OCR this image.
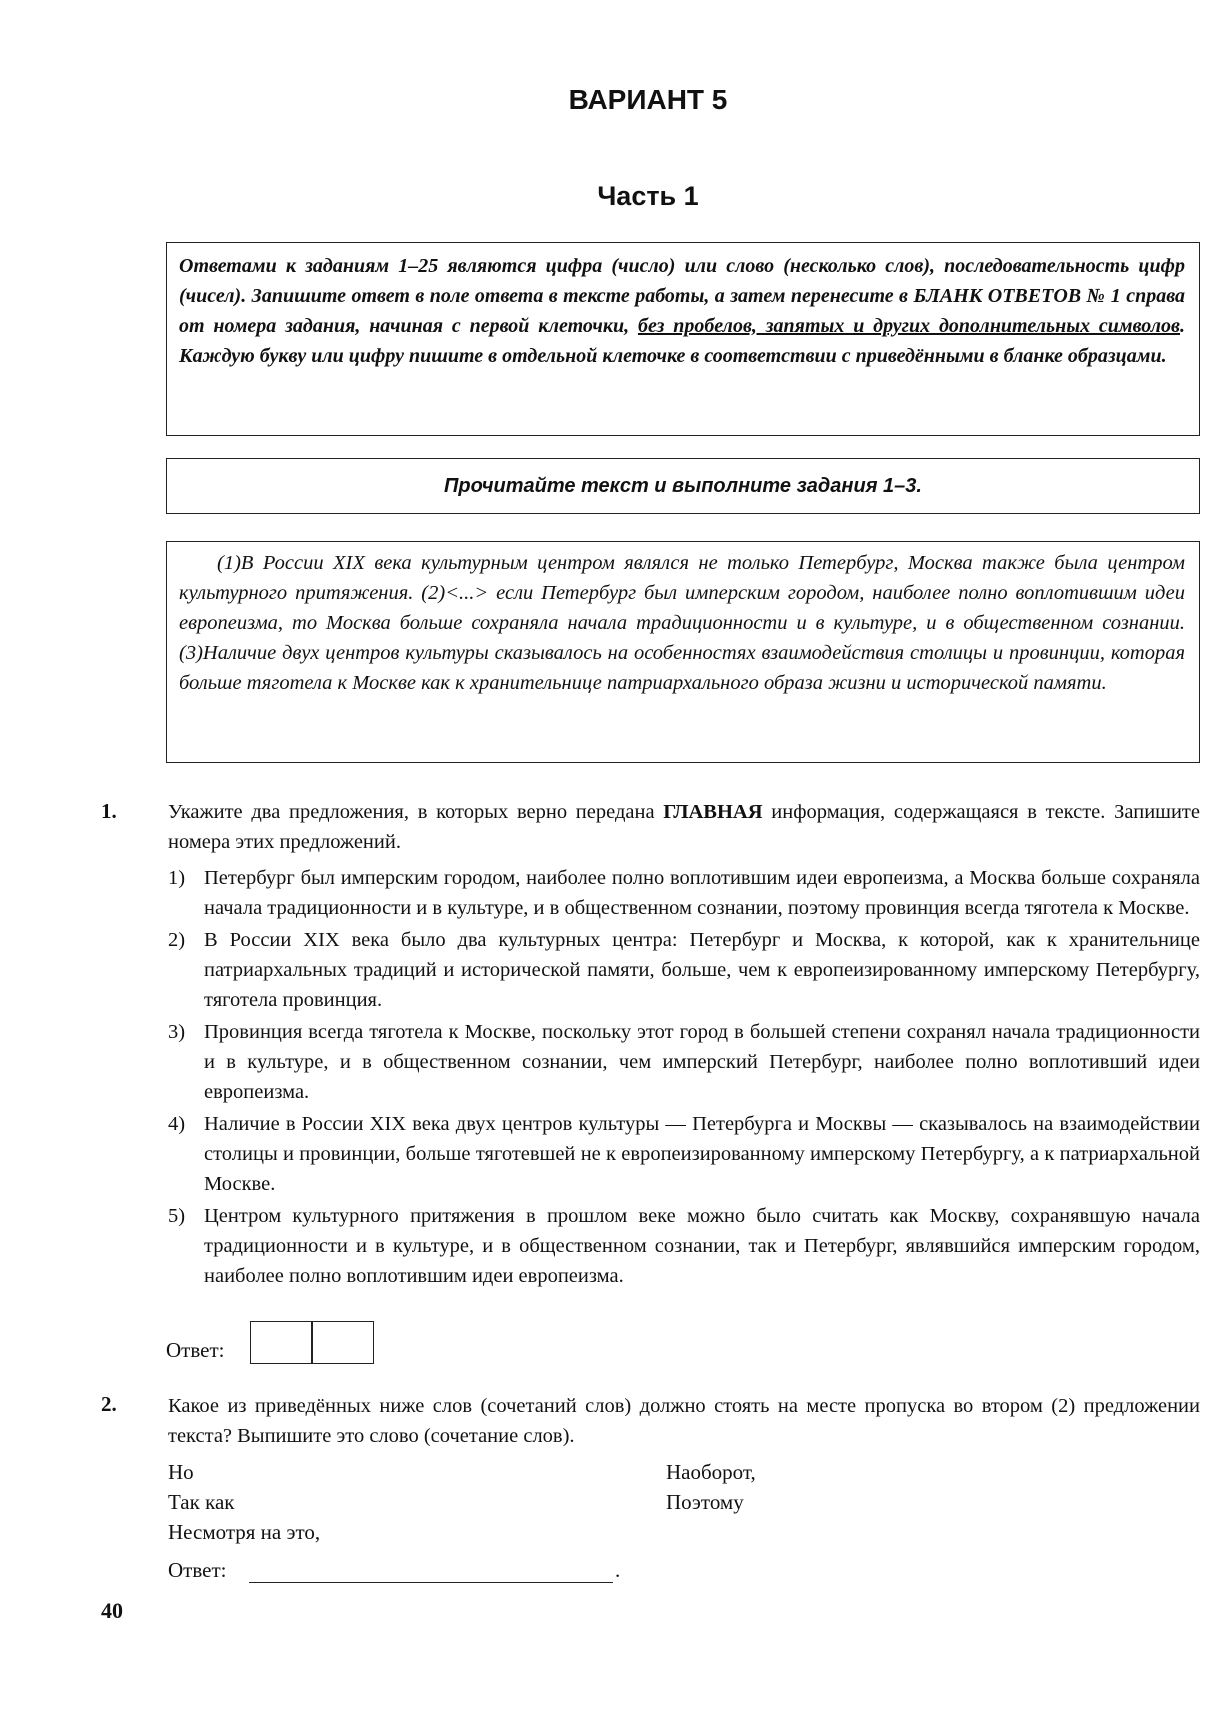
ВАРИАНТ 5
Часть 1
Ответами к заданиям 1–25 являются цифра (число) или слово (несколько слов), последовательность цифр (чисел). Запишите ответ в поле ответа в тексте работы, а затем перенесите в БЛАНК ОТВЕТОВ № 1 справа от номера задания, начиная с первой клеточки, без пробелов, запятых и других дополнительных символов. Каждую букву или цифру пишите в отдельной клеточке в соответствии с приведёнными в бланке образцами.
Прочитайте текст и выполните задания 1–3.
(1)В России XIX века культурным центром являлся не только Петербург, Москва также была центром культурного притяжения. (2)<...> если Петербург был имперским городом, наиболее полно воплотившим идеи европеизма, то Москва больше сохраняла начала традиционности и в культуре, и в общественном сознании. (3)Наличие двух центров культуры сказывалось на особенностях взаимодействия столицы и провинции, которая больше тяготела к Москве как к хранительнице патриархального образа жизни и исторической памяти.
1.	Укажите два предложения, в которых верно передана ГЛАВНАЯ информация, содержащаяся в тексте. Запишите номера этих предложений.
1) Петербург был имперским городом, наиболее полно воплотившим идеи европеизма, а Москва больше сохраняла начала традиционности и в культуре, и в общественном сознании, поэтому провинция всегда тяготела к Москве.
2) В России XIX века было два культурных центра: Петербург и Москва, к которой, как к хранительнице патриархальных традиций и исторической памяти, больше, чем к европеизированному имперскому Петербургу, тяготела провинция.
3) Провинция всегда тяготела к Москве, поскольку этот город в большей степени сохранял начала традиционности и в культуре, и в общественном сознании, чем имперский Петербург, наиболее полно воплотивший идеи европеизма.
4) Наличие в России XIX века двух центров культуры — Петербурга и Москвы — сказывалось на взаимодействии столицы и провинции, больше тяготевшей не к европеизированному имперскому Петербургу, а к патриархальной Москве.
5) Центром культурного притяжения в прошлом веке можно было считать как Москву, сохранявшую начала традиционности и в культуре, и в общественном сознании, так и Петербург, являвшийся имперским городом, наиболее полно воплотившим идеи европеизма.
Ответ:
2.	Какое из приведённых ниже слов (сочетаний слов) должно стоять на месте пропуска во втором (2) предложении текста? Выпишите это слово (сочетание слов).
Но
Так как
Несмотря на это,
Наоборот,
Поэтому
Ответ:	.
40
